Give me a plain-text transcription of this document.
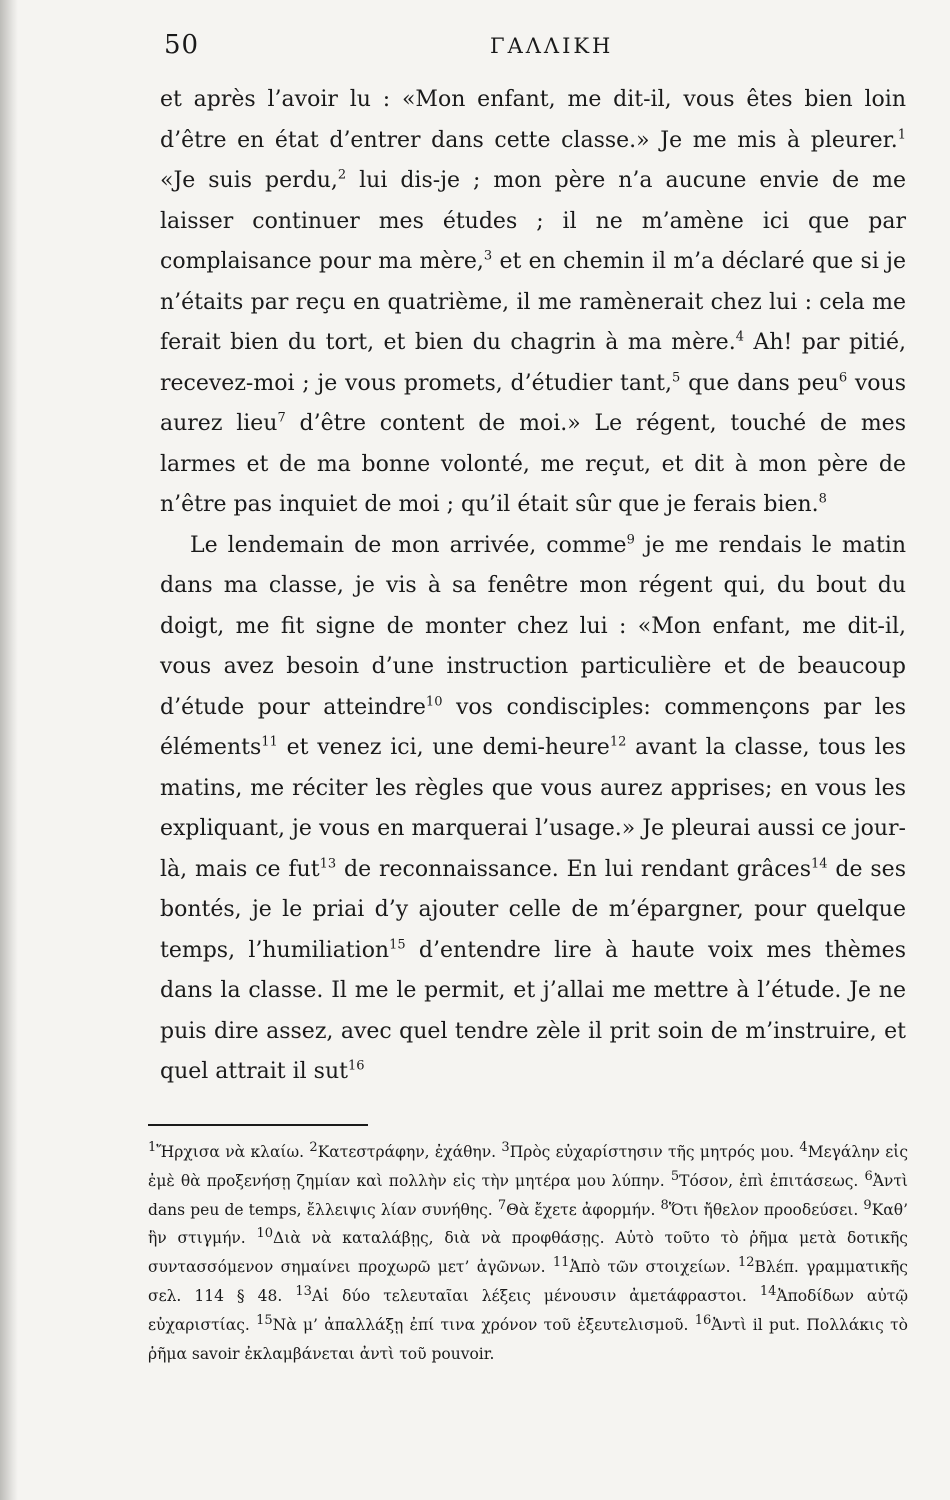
50	ΓΑΛΛΙΚΗ

et après l’avoir lu : «Mon enfant, me dit-il, vous êtes bien loin d’être en état d’entrer dans cette classe.» Je me mis à pleurer.$^1$ «Je suis perdu,$^2$ lui dis-je ; mon père n’a aucune envie de me laisser continuer mes études ; il ne m’amène ici que par complaisance pour ma mère,$^3$ et en chemin il m’a déclaré que si je n’étaits par reçu en quatrième, il me ramènerait chez lui : cela me ferait bien du tort, et bien du chagrin à ma mère.$^4$ Ah! par pitié, recevez-moi ; je vous promets, d’étudier tant,$^5$ que dans peu$^6$ vous aurez lieu$^7$ d’être content de moi.» Le régent, touché de mes larmes et de ma bonne volonté, me reçut, et dit à mon père de n’être pas inquiet de moi ; qu’il était sûr que je ferais bien.$^8$

Le lendemain de mon arrivée, comme$^9$ je me rendais le matin dans ma classe, je vis à sa fenêtre mon régent qui, du bout du doigt, me fit signe de monter chez lui : «Mon enfant, me dit-il, vous avez besoin d’une instruction particulière et de beaucoup d’étude pour atteindre$^{10}$ vos condisciples: commençons par les éléments$^{11}$ et venez ici, une demi-heure$^{12}$ avant la classe, tous les matins, me réciter les règles que vous aurez apprises; en vous les expliquant, je vous en marquerai l’usage.» Je pleurai aussi ce jour-là, mais ce fut$^{13}$ de reconnaissance. En lui rendant grâces$^{14}$ de ses bontés, je le priai d’y ajouter celle de m’épargner, pour quelque temps, l’humiliation$^{15}$ d’entendre lire à haute voix mes thèmes dans la classe. Il me le permit, et j’allai me mettre à l’étude. Je ne puis dire assez, avec quel tendre zèle il prit soin de m’instruire, et quel attrait il sut$^{16}$

$^1$Ἤρχισα νὰ κλαίω. $^2$Κατεστράφην, ἐχάθην. $^3$Πρὸς εὐχαρίστησιν τῆς μητρός μου. $^4$Μεγάλην εἰς ἐμὲ θὰ προξενήσῃ ζημίαν καὶ πολλὴν εἰς τὴν μητέρα μου λύπην. $^5$Τόσον, ἐπὶ ἐπιτάσεως. $^6$Ἀντὶ dans peu de temps, ἔλλειψις λίαν συνήθης. $^7$Θὰ ἔχετε ἀφορμήν. $^8$Ὅτι ἤθελον προοδεύσει. $^9$Καθ’ ἣν στιγμήν. $^{10}$Διὰ νὰ καταλάβῃς, διὰ νὰ προφθάσῃς. Αὐτὸ τοῦτο τὸ ῥῆμα μετὰ δοτικῆς συντασσόμενον σημαίνει προχωρῶ μετ’ ἀγῶνων. $^{11}$Ἀπὸ τῶν στοιχείων. $^{12}$Βλέπ. γραμματικῆς σελ. 114 § 48. $^{13}$Αἱ δύο τελευταῖαι λέξεις μένουσιν ἀμετάφραστοι. $^{14}$Ἀποδίδων αὐτῷ εὐχαριστίας. $^{15}$Νὰ μ’ ἀπαλλάξῃ ἐπί τινα χρόνον τοῦ ἐξευτελισμοῦ. $^{16}$Ἀντὶ il put. Πολλάκις τὸ ῥῆμα savoir ἐκλαμβάνεται ἀντὶ τοῦ pouvoir.
